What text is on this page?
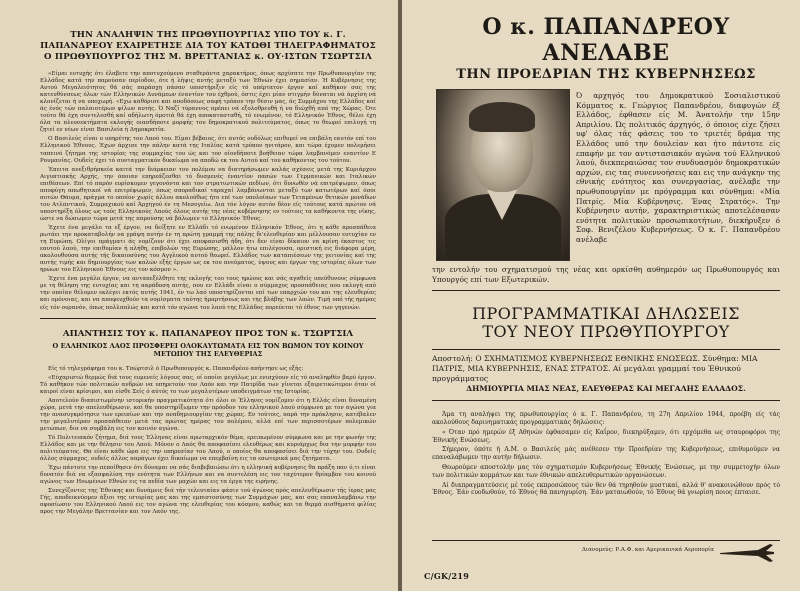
ΤΗΝ ΑΝΑΛΗΨΙΝ ΤΗΣ ΠΡΩΘΥΠΟΥΡΓΙΑΣ ΥΠΟ ΤΟΥ κ. Γ. ΠΑΠΑΝΔΡΕΟΥ ΕΧΑΙΡΕΤΗΣΕ ΔΙΑ ΤΟΥ ΚΑΤΩΘΙ ΤΗΛΕΓΡΑΦΗΜΑΤΟΣ Ο ΠΡΩΘΥΠΟΥΡΓΟΣ ΤΗΣ Μ. ΒΡΕΤΤΑΝΙΑΣ κ. ΟΥ·ΙΣΤΩΝ ΤΣΩΡΤΣΙΛ

«Είμαι ευτυχής ότι έλαβετε την αποτυχούμενο σταθεράντα χαρακτήρος, όπως αρχίσατε την Πρωθυπουργίαν της Ελλάδος κατά την παρούσαν περίοδον, ότε ή λήψις αυτής μεταξύ των Έθνών έχει σημασίαν. Ή Κυβέρνησις της Αυτού Μεγαλειότητος θά σάς παράσχη πάσαν υποστήριξιν είς τό υπέρτατον έργον καί καθήκον σας της κατευθύνσεως όλων τών Ελληνικών Δυνάμεων έναντίον του έχθρού, όστις έχει μίαν στιγμήν δύναται νά άρχίση νά κλονίζεται ή να υποχωρή. «Εχω καθόρισε και αποδόσεως σαφή τρόπον την θέσιν μας, άς Συμμάχου της Ελλάδος καί άς ένός τών παλαιοτέρων φίλων αυτής. Ό Ναζί τύραννος πρέπει νά εξολοθρευθή ή να διώχθή από της Χώρας. Ότε τούτο θά έχη συντελεσθή καί αδήλωτη όμοτιά θά έχη αποκατασταθή, τό ενωμένον, τό Ελληνικόν Έθνος, θέλει έχη όλα τα πλεονεκτήματα εκλογής οιασδήποτε μορφής του δημοκρατικού πολιτεύματος, όπως το θεωρεί επιλογή τη ζητεί εν νέων είναι Βασιλεία ή Δημοκρατία.

Ο Βασιλεύς είναι ο υπηρέτης του Λαού του. Είμαι βέβαιος, ότι αυτός ουδόλως επιθυμεί να επιβάλη εαυτόν επί του Ελληνικού Έθνους. Έχων άρχισε την πάλην κατά της Ιταλίας κατά τρόπον ηνιτάρον, και τώρα έχομεν πολεμήσει ταπεινό ζήτημα της ιστορίας της συμμαχίας του ώς και τον οίονδήποτε βοήθειαν τώρα λαμβανόμεν εναντίον Ε Ρουμανίας. Ουδείς έχει τό συνταγματικόν δικαίωμα να αποδώ εκ του Αυτού καί του καθήκοντος του τούτου.

Έπειτα ανεξιθρήσκεία καιτά την διάρκειαν του πολέμου να διατηρήσωμεν καλάς σχέσεις μετά της Κυριάρχου Αιγυπτιακής Αρχής, την όποιαν επηρεάζεσθαι τό δυσμενές έναντίον πασών των Γερμανικών και Ιταλικών επιθέσεων. Επί τό παρόν ευρίσκομεν γεγονόντα και τον στρατιωτικών πεδίων, ότι δυνωθέν νά επιτρέψωμεν, όπως αποφύγη απωθητικοί νά επιτρέψωμεν, όπως σποραδικαί ταραχαί λαμβάνωνται μεταξύ των κατωτέρων καί όσοι αυτών Θάυμα, πράγμα το οποίον χωρίς άλλου ακολούθως ήτο επί των υπολοίπων των Τεταμένων θετικών μονάδων του Ατλαντικού, Συμμαχικού καί Άρχηγού έν τη Μεσογείω. Δια τόν λόγον αυτόν δέον είς τούτους κατά πρώτον νά υποστηρίξη όλους ως τούς Ελληνικούς Λαούς όλους αυτής της νέας κυβέρνησης εν τούτοις τα καθήκοντα της νίκης, ώστε να δώσωμεν τώρα μετά της παρούσης νά βάλωμεν τό Ελληνικόν Έθνος.

Έχετε ένα μεγάλο τα εξ έργον, να δείξητε εν Ελλάδι τό ενωμένον Ελληνικόν Έθνος, ότι η κάθε προσπάθεια ρωτάει την προκαταβολήν να γράψη αυτήν έν τη πρώτη γραμμή της πάλης δι'ελευθερίαν και μέλλουσαν ευτυχίαν εν τη Ευρώπη. Ολίγοι πράγματι άς νομίζουν ότι έχει αποφασισθή ήδη, ότι δεν είναι δίκαιον να κρίνη έκαστος τις εαυτού λαού, την επιθυμίαν ή πλήθη, επιβολών της Ευρώπης, μάλλον ήτω επιλέγουσα, οριστική εις διάφορα μέρη, ακολουθούσα αυτής τής δικαιοσύνης του Αγγλικού αυτού θεωρεί. Ελλάδος των καταπιέσεων της γειτονίας καί της αυτής τιμής και δημιουργίας των καλών εξής έργων ως εκ του πνεύματος, ύψους και έργων της ιστορίας όλων των ηρώων του Ελληνικού Έθνους εις τον κόσμον ».

Έχετε ένα μεγάλο έργον, να ανταπεξέλθητε της εκλογής του τους ηρώους και σάς αγαθείς υπεύθυνους σύμφωνα με τη θέληση της ευτυχίας και τη παράδοση αυτής, που εν Ελλάδι είναι ο σύμμαχος προσπάθειας που εκλογή από την οποίαν θέλομεν εκλέγει εκτός αυτής 1941, έν τω λαό υποστηρίζονται επί των επαρχιών του και της ελευθερίας και ομόνοιας, και να αποφευχθούν τα νομίσματα ταύτης ήμαρτήσεως και της βλάβης των λαών. Τιμή υπό τής ημέρας είς τόν ουρανόν, όπως πολλαπλώς και κατά τόν αγώνα του λαού της Ελλάδος πορεύεται τό έθνος των γηγενών.

ΑΠΑΝΤΗΣΙΣ ΤΟΥ κ. ΠΑΠΑΝΔΡΕΟΥ ΠΡΟΣ ΤΟΝ κ. ΤΣΩΡΤΣΙΛ
Ο ΕΛΛΗΝΙΚΟΣ ΛΑΟΣ ΠΡΟΣΦΕΡΕΙ ΟΛΟΚΑΥΤΩΜΑΤΑ ΕΙΣ ΤΟΝ ΒΩΜΟΝ ΤΟΥ ΚΟΙΝΟΥ ΜΕΤΩΠΟΥ ΤΗΣ ΕΛΕΥΘΕΡΙΑΣ

Είς τό τηλεγράφημα του κ. Τσώρτσιλ ό Πρωθυπουργός κ. Παπανδρέου απήντησε ως εξής:

«Εύχαριστώ θερμώς διά τους ευμενείς λόγους σας, οί οποίοι μεγάλως με ενισχύουν είς τό αναληφθέν βαρύ έργον. Τό καθήκον τών πολιτικών ανδρών να υπηρετούν τον Λαόν και την Πατρίδα των γίνεται εξαιρετικώτερον όταν οί καιροί είναι κρίσιμοι, και είσθε Σείς ό αύτός το των μεγαλυτέρων υποδειγμάτων της Ιστορίας.

Αποτελούν διαπιστωμένην ιστορικήν πραγματικότητα ότι όλοι οι Έλληνες νομίζομεν ότι η Ελλάς είναι δυναμένη χώρα, μετά την απελευθέρωσιν, καί θα υποστηρίξωμεν την πρόοδον του ελληνικού λαού σύμφωνα με τον αγώνα για την ανασυγκρότησιν των ερειπίων και την αναδημιουργίαν της χώρας. Εν τούτοις, παρά την πρόκλησιν, κατέβαλεν την μεγαλυτέραν προσπάθειαν μετά τας πρώτας ημέρας του πολέμου, αλλά επί των περισσοτέρων πολεμικών μετώπων, δια να συμβάλη εις τον κοινόν αγώνα.

Τό Πολιτειακόν ζήτημα, διά τους Έλληνας είναι πρωταρχικόν θέμα, ερειπωμένον σύμφωνα και με την φωνήν της Ελλάδος και με την θέλησιν του Λαού. Μόνον ο Λαός θα αποφασίσει ελευθέρως και κυριάρχως δια την μορφήν του πολιτεύματος. Θα είναι κάθε ώρα εις την υπηρεσίαν του Λαού, ο οποίος θα αποφασίσει διά την τύχην του. Ουδείς άλλος σύμμαχος, ουδείς άλλος παράγων έχει δικαίωμα να επεμβαίνη εις τα εσωτερικά μας ζητήματα.

Έχω πάντοτε την πεποίθησιν ότι δύναμαι να σάς διαβεβαιώσω ότι η ελληνική κυβέρνησις θα πράξη παν ό,τι είναι δυνατόν διά να εξασφαλίση την ενότητα των Ελλήνων και να συντελέση εις τον ταχύτερον θρίαμβον του κοινού αγώνος των Ηνωμένων Εθνών εις τα πεδία των μαχών και εις τα έργα της ειρήνης.

Συνεχίζοντες της Έθνικης και δυνάμεις διά τήν τελευταίαν φάσιν τού άγώνος πρός απελευθέρωσιν τής ίερας μας Γής, αποδεικνύομεν άξιοι της ιστορίας μας και της εμπιστοσύνης των Συμμάχων μας, και σας επαναλαμβάνω την αφοσίωσιν του Ελληνικού Λαού εις τον αγώνα της ελευθερίας του κόσμου, καθώς και τα θερμά αισθήματα φιλίας προς την Μεγάλην Βρεττανίαν και τον Λαόν της.

Ο κ. ΠΑΠΑΝΔΡΕΟΥ ΑΝΕΛΑΒΕ
ΤΗΝ ΠΡΟΕΔΡΙΑΝ ΤΗΣ ΚΥΒΕΡΝΗΣΕΩΣ
Ό αρχηγός του Δημοκρατικού Σοσιαλιστικού Κόμματος κ. Γεώργιος Παπανδρέου, διαφυγών έξ Ελλάδος, έφθασεν είς Μ. Άνατολήν την 15ην Απριλίου. Ώς πολιτικός άρχηγός, ό όποιος είχε ζήσει υφ' όλας τάς φάσεις του το τριετές δράμα της Ελλάδος υπό την δουλείαν και ήτο πάντοτε είς επαφήν με τον αντιστασιακόν αγώνα τού Ελληνικού λαού, διεκπεραιώσας τον συνδυασμόν δημοκρατικών αρχών, εις τας συνεννοήσεις και εις την ανάγκην της εθνικής ενότητος και συνεργασίας, ανέλαβε την πρωθυπουργίαν με πρόγραμμα και σύνθημα: «Μία Πατρίς. Μία Κυβέρνησις. Ένας Στρατός». Την Κυβέρνησιν αυτήν, χαρακτηριστικώς αποτελέσασαν ενότητα πολιτικών προσωπικοτήτων, διεκήρυξεν ό Σοφ. Βενιζέλου Κυβερνήσεως. Ό κ. Γ. Παπανδρέου ανέλαβε
την εντολήν του σχηματισμού της νέας και ορκίσθη αυθημερόν ως Πρωθυπουργός και Υπουργός επί των Εξωτερικών.
ΠΡΟΓΡΑΜΜΑΤΙΚΑΙ ΔΗΛΩΣΕΙΣ
ΤΟΥ ΝΕΟΥ ΠΡΩΘΥΠΟΥΡΓΟΥ
Αποστολή: Ο ΣΧΗΜΑΤΙΣΜΟΣ ΚΥΒΕΡΝΗΣΕΩΣ ΕΘΝΙΚΗΣ ΕΝΩΣΕΩΣ. Σύνθημα: ΜΙΑ ΠΑΤΡΙΣ, ΜΙΑ ΚΥΒΕΡΝΗΣΙΣ, ΕΝΑΣ ΣΤΡΑΤΟΣ. Αί μεγάλαι γραμμαί του Έθνικού προγράμματος
ΔΗΜΙΟΥΡΓΙΑ ΜΙΑΣ ΝΕΑΣ, ΕΛΕΥΘΕΡΑΣ ΚΑΙ ΜΕΓΑΛΗΣ ΕΛΛΑΔΟΣ.

Άμα τη αναλήψει της πρωθυπουργίας ό κ. Γ. Παπανδρέου, τη 27η Απριλίου 1944, προέβη είς τάς ακολούθους δαρινηματικάς προγραμματικάς δηλώσεις:

« Όταν πρό ημερών έξ Αθηνών έφθασαμεν είς Καΐρον, διεκηρύξαμεν, ότι ερχόμεθα ως σταυροφόροι της Έθνικής Ενώσεως.

Σήμερον, όπότε ή Α.Μ. ο Βασιλεύς μάς ανέθεσεν τήν Προεδρίαν της Κυβερνήσεως, επιθυμούμεν να επαναλάβωμεν την αυτήν δήλωσιν.

Θεωρούμεν αποστολήν μας τόν σχηματισμόν Κυβερνήσεως Έθνικής Ένώσεως, με την συμμετοχήν όλων των πολιτικών κομμάτων και των έθνικών απελευθερωτικών οργανώσεων.

Αί διαπραγματεύσεις μέ τούς εκπροσώπους τών θεν θά τηρηθούν μυστικαί, αλλά θ' ανακοινώθουν πρός τό Έθνος. Έάν ευοδωθούν, τό Έθνος θά πανηγυρίση. Έάν ματαιωθούν, τό Έθνος θά γνωρίση ποιος έπταισε.

Διανομεύς: Ρ.Α.Φ. και Αμερικανικά Αεροπορία
C/GK/219
